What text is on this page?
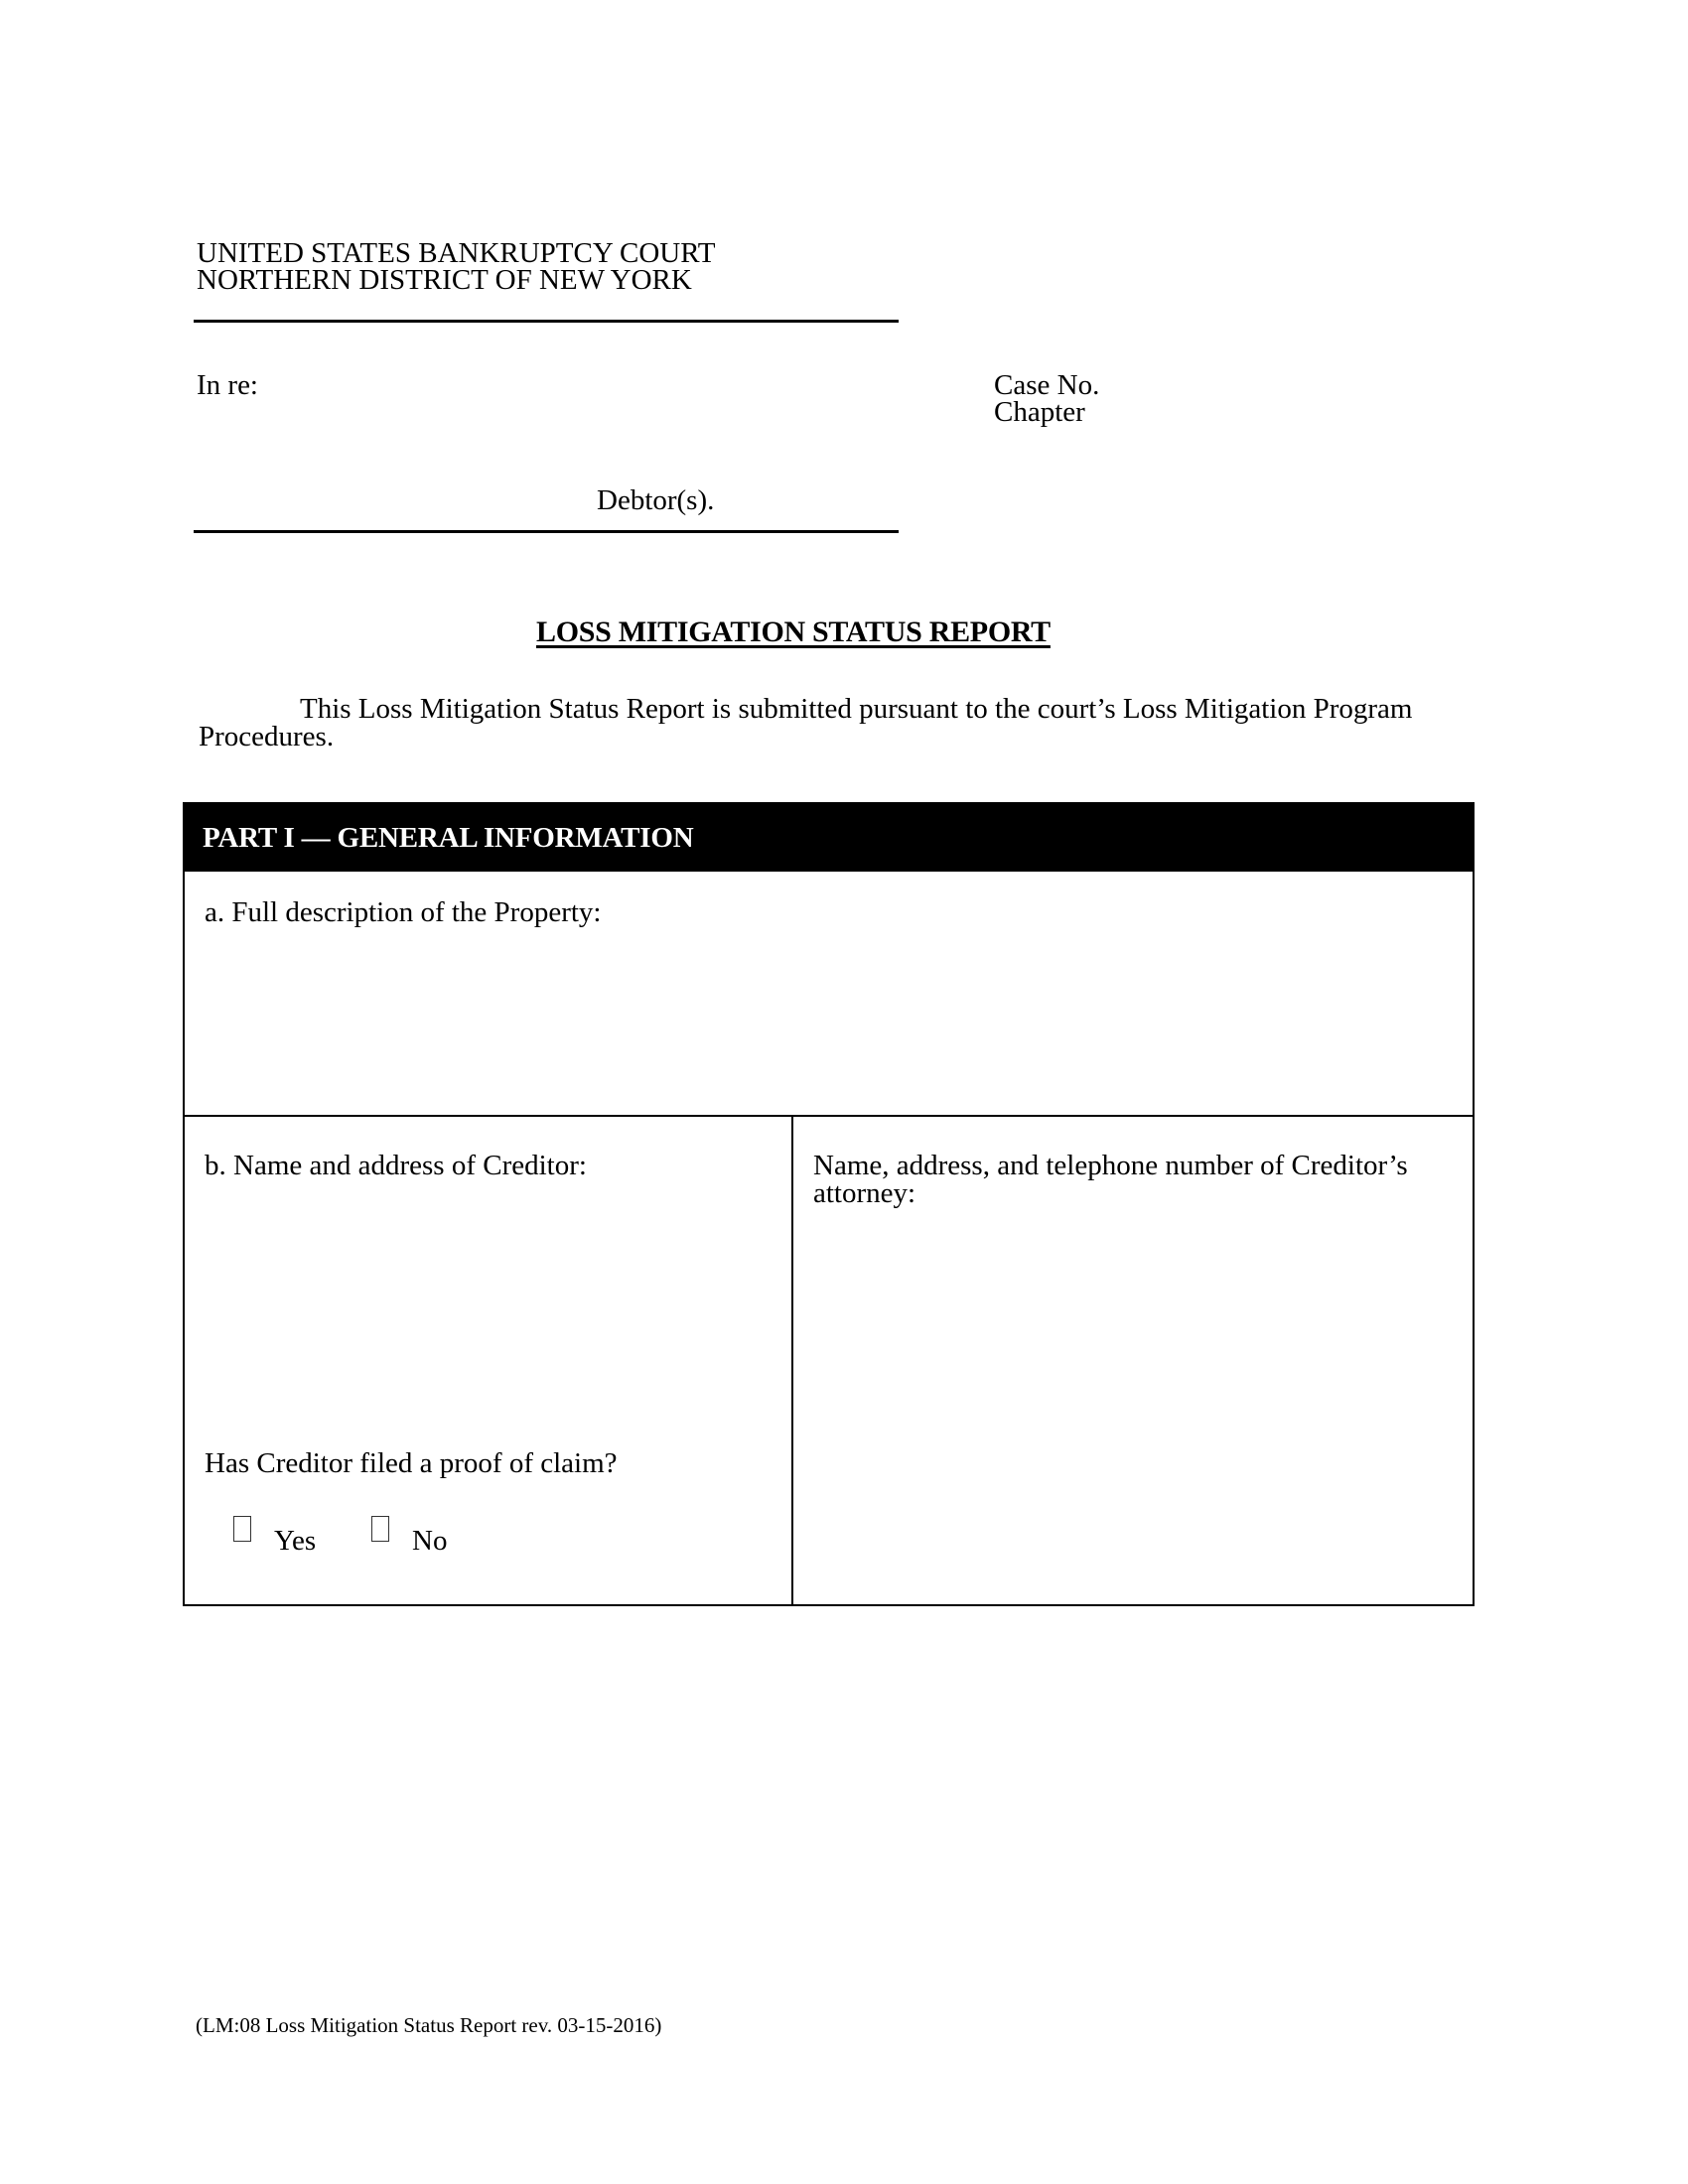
UNITED STATES BANKRUPTCY COURT
NORTHERN DISTRICT OF NEW YORK
In re:	Case No.
Chapter
Debtor(s).
LOSS MITIGATION STATUS REPORT
This Loss Mitigation Status Report is submitted pursuant to the court’s Loss Mitigation Program Procedures.
PART I — GENERAL INFORMATION
a. Full description of the Property:
b. Name and address of Creditor:	Name, address, and telephone number of Creditor’s
attorney:
Has Creditor filed a proof of claim?
Yes	No
(LM:08 Loss Mitigation Status Report rev. 03-15-2016)
